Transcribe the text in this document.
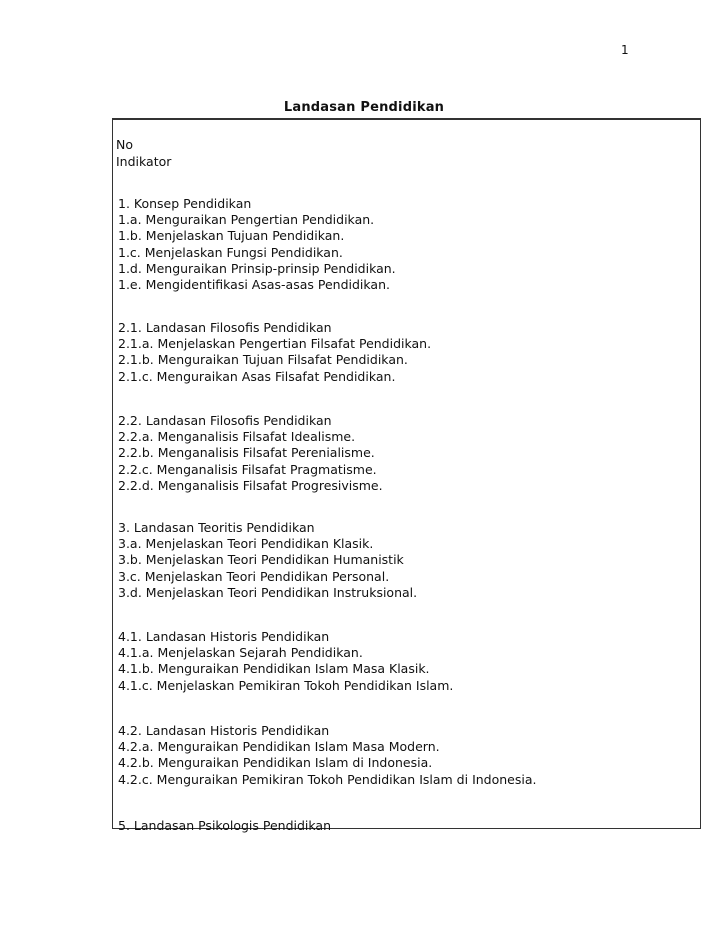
1
Landasan Pendidikan
No
Indikator
1. Konsep Pendidikan
1.a. Menguraikan Pengertian Pendidikan.
1.b. Menjelaskan Tujuan Pendidikan.
1.c. Menjelaskan Fungsi Pendidikan.
1.d. Menguraikan Prinsip-prinsip Pendidikan.
1.e. Mengidentifikasi Asas-asas Pendidikan.
2.1. Landasan Filosofis Pendidikan
2.1.a. Menjelaskan Pengertian Filsafat Pendidikan.
2.1.b. Menguraikan Tujuan Filsafat Pendidikan.
2.1.c. Menguraikan Asas Filsafat Pendidikan.
2.2. Landasan Filosofis Pendidikan
2.2.a. Menganalisis Filsafat Idealisme.
2.2.b. Menganalisis Filsafat Perenialisme.
2.2.c. Menganalisis Filsafat Pragmatisme.
2.2.d. Menganalisis Filsafat Progresivisme.
3. Landasan Teoritis Pendidikan
3.a. Menjelaskan Teori Pendidikan Klasik.
3.b. Menjelaskan Teori Pendidikan Humanistik
3.c. Menjelaskan Teori Pendidikan Personal.
3.d. Menjelaskan Teori Pendidikan Instruksional.
4.1. Landasan Historis Pendidikan
4.1.a. Menjelaskan Sejarah Pendidikan.
4.1.b. Menguraikan Pendidikan Islam Masa Klasik.
4.1.c. Menjelaskan Pemikiran Tokoh Pendidikan Islam.
4.2. Landasan Historis Pendidikan
4.2.a. Menguraikan Pendidikan Islam Masa Modern.
4.2.b. Menguraikan Pendidikan Islam di Indonesia.
4.2.c. Menguraikan Pemikiran Tokoh Pendidikan Islam di Indonesia.
5. Landasan Psikologis Pendidikan
